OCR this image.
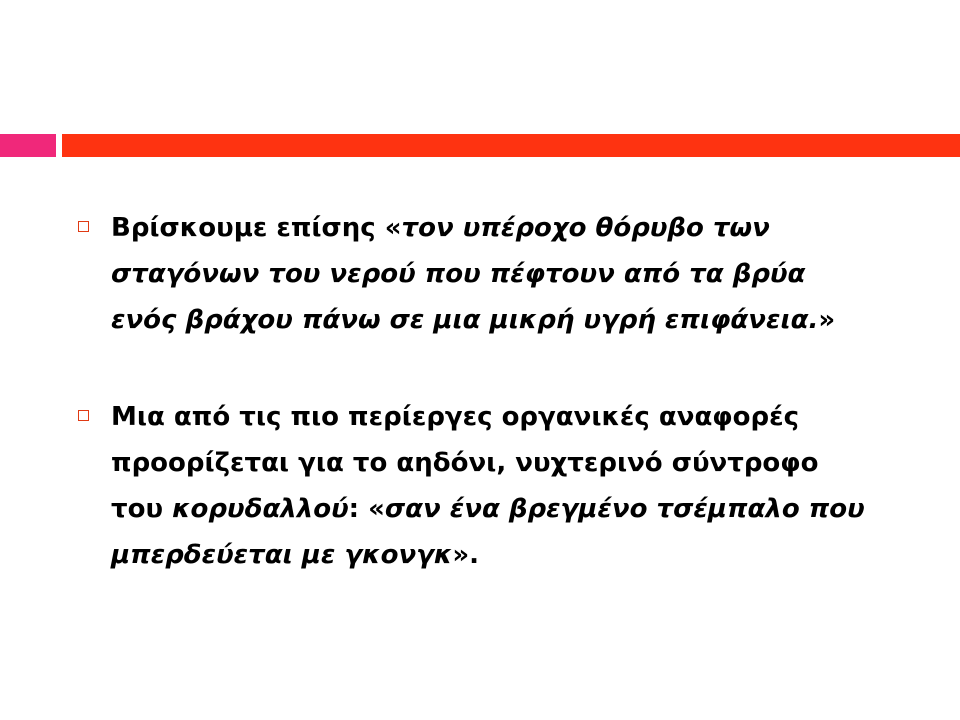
Βρίσκουμε επίσης «τον υπέροχο θόρυβο των σταγόνων του νερού που πέφτουν από τα βρύα ενός βράχου πάνω σε μια μικρή υγρή επιφάνεια.»
Μια από τις πιο περίεργες οργανικές αναφορές προορίζεται για το αηδόνι, νυχτερινό σύντροφο του κορυδαλλού: «σαν ένα βρεγμένο τσέμπαλο που μπερδεύεται με γκονγκ».
